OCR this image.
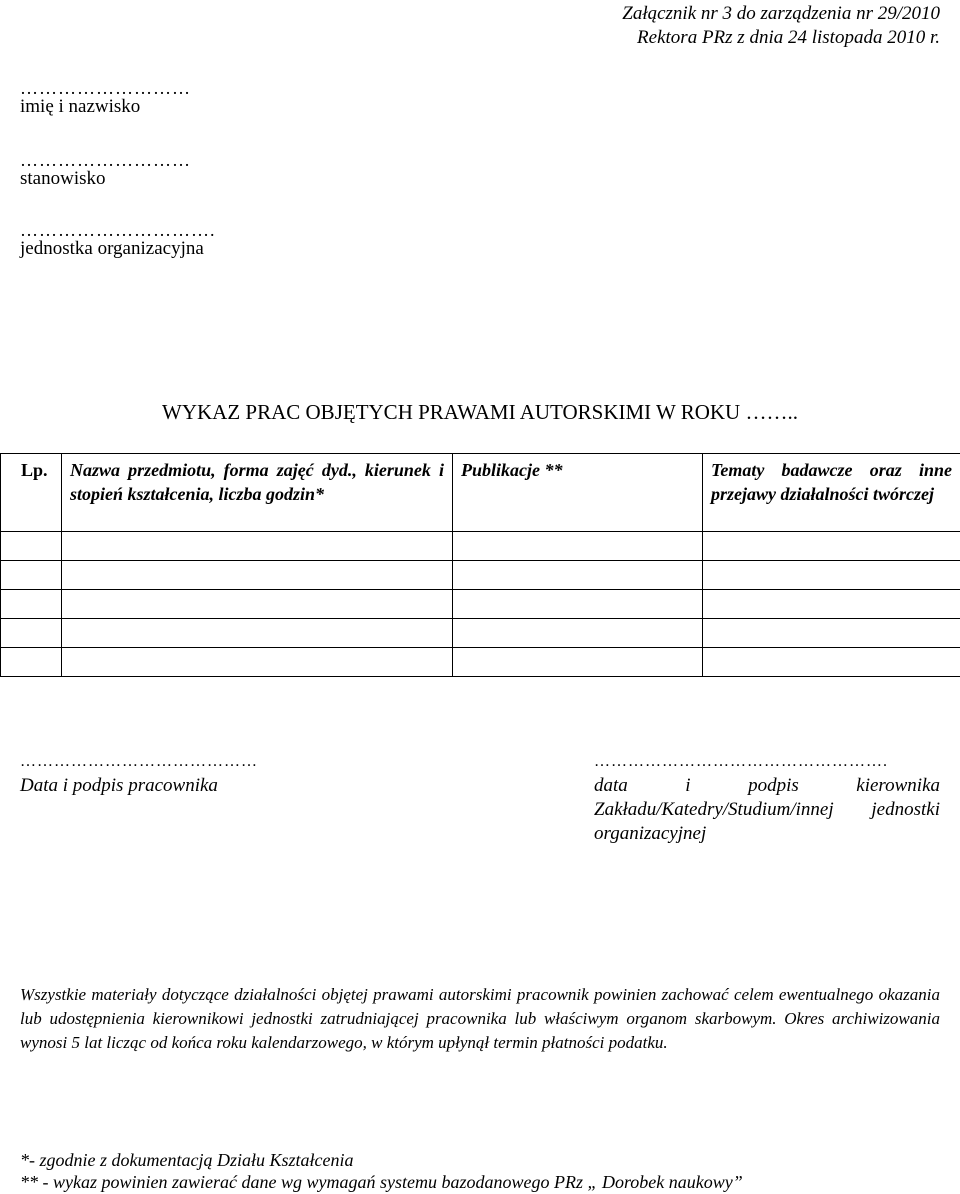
Załącznik nr 3 do zarządzenia nr 29/2010
Rektora PRz z dnia 24 listopada 2010 r.
………………………
imię i nazwisko
………………………
stanowisko
………………………….
jednostka organizacyjna
WYKAZ PRAC OBJĘTYCH PRAWAMI AUTORSKIMI W ROKU ……..
Lp.	Nazwa przedmiotu, forma zajęć dyd., kierunek i stopień kształcenia, liczba godzin*	Publikacje **	Tematy badawcze oraz inne przejawy działalności twórczej

……………………………………
Data i podpis pracownika
…………………………………………….
data i podpis kierownika Zakładu/Katedry/Studium/innej jednostki organizacyjnej
Wszystkie materiały dotyczące działalności objętej prawami autorskimi pracownik powinien zachować celem ewentualnego okazania lub udostępnienia kierownikowi jednostki zatrudniającej pracownika lub właściwym organom skarbowym. Okres archiwizowania wynosi 5 lat licząc od końca roku kalendarzowego, w którym upłynął termin płatności podatku.
*- zgodnie z dokumentacją Działu Kształcenia
** - wykaz powinien zawierać dane wg wymagań systemu bazodanowego PRz „ Dorobek naukowy”
